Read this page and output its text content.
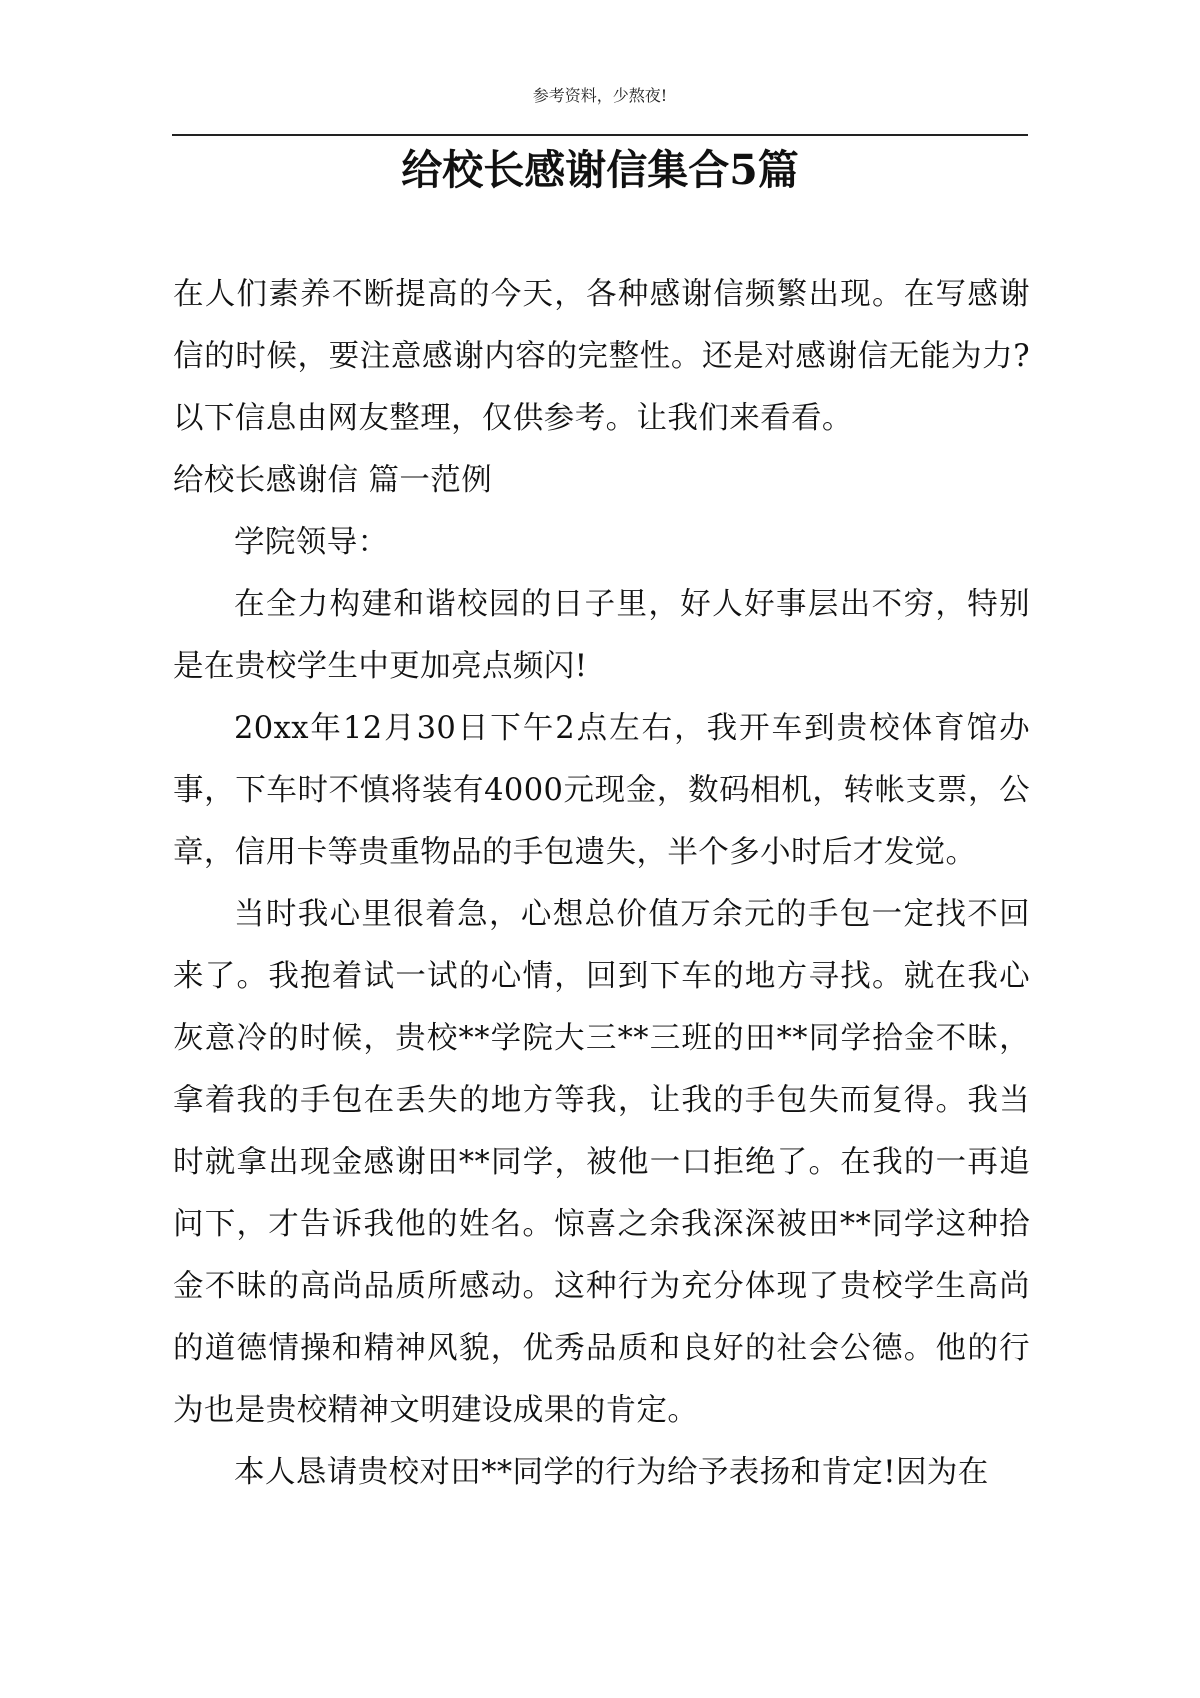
参考资料，少熬夜!
给校长感谢信集合5篇

在人们素养不断提高的今天，各种感谢信频繁出现。在写感谢信的时候，要注意感谢内容的完整性。还是对感谢信无能为力?以下信息由网友整理，仅供参考。让我们来看看。

给校长感谢信 篇一范例

学院领导：

在全力构建和谐校园的日子里，好人好事层出不穷，特别是在贵校学生中更加亮点频闪!

20xx年12月30日下午2点左右，我开车到贵校体育馆办事，下车时不慎将装有4000元现金，数码相机，转帐支票，公章，信用卡等贵重物品的手包遗失，半个多小时后才发觉。

当时我心里很着急，心想总价值万余元的手包一定找不回来了。我抱着试一试的心情，回到下车的地方寻找。就在我心灰意冷的时候，贵校**学院大三**三班的田**同学拾金不昧，拿着我的手包在丢失的地方等我，让我的手包失而复得。我当时就拿出现金感谢田**同学，被他一口拒绝了。在我的一再追问下，才告诉我他的姓名。惊喜之余我深深被田**同学这种拾金不昧的高尚品质所感动。这种行为充分体现了贵校学生高尚的道德情操和精神风貌，优秀品质和良好的社会公德。他的行为也是贵校精神文明建设成果的肯定。

本人恳请贵校对田**同学的行为给予表扬和肯定!因为在
